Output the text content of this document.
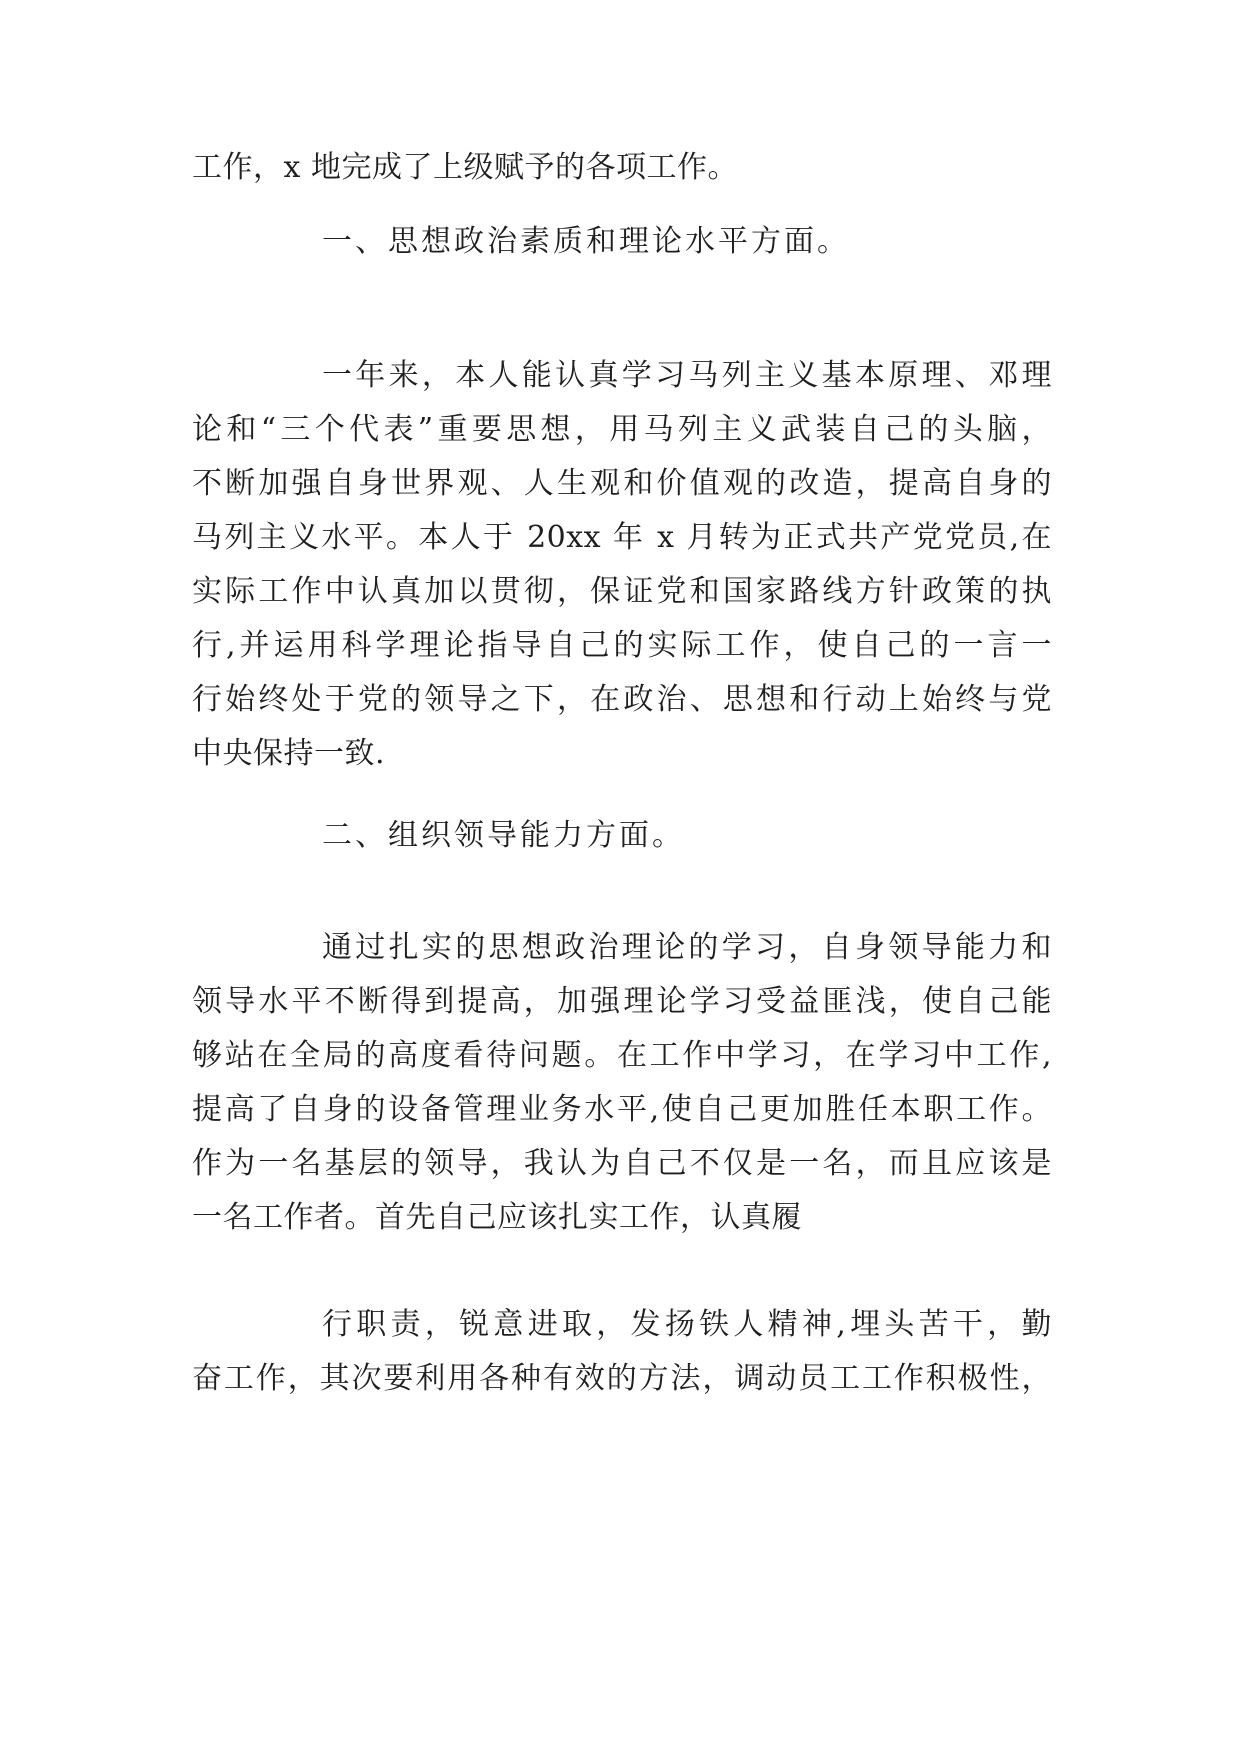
工作，x 地完成了上级赋予的各项工作。
一、思想政治素质和理论水平方面。
一年来，本人能认真学习马列主义基本原理、邓理
论和“三个代表”重要思想，用马列主义武装自己的头脑，
不断加强自身世界观、人生观和价值观的改造，提高自身的
马列主义水平。本人于 20xx 年 x 月转为正式共产党党员,在
实际工作中认真加以贯彻，保证党和国家路线方针政策的执
行,并运用科学理论指导自己的实际工作，使自己的一言一
行始终处于党的领导之下，在政治、思想和行动上始终与党
中央保持一致.
二、组织领导能力方面。
通过扎实的思想政治理论的学习，自身领导能力和
领导水平不断得到提高，加强理论学习受益匪浅，使自己能
够站在全局的高度看待问题。在工作中学习，在学习中工作,
提高了自身的设备管理业务水平,使自己更加胜任本职工作。
作为一名基层的领导，我认为自己不仅是一名，而且应该是
一名工作者。首先自己应该扎实工作，认真履
行职责，锐意进取，发扬铁人精神,埋头苦干，勤
奋工作，其次要利用各种有效的方法，调动员工工作积极性，
